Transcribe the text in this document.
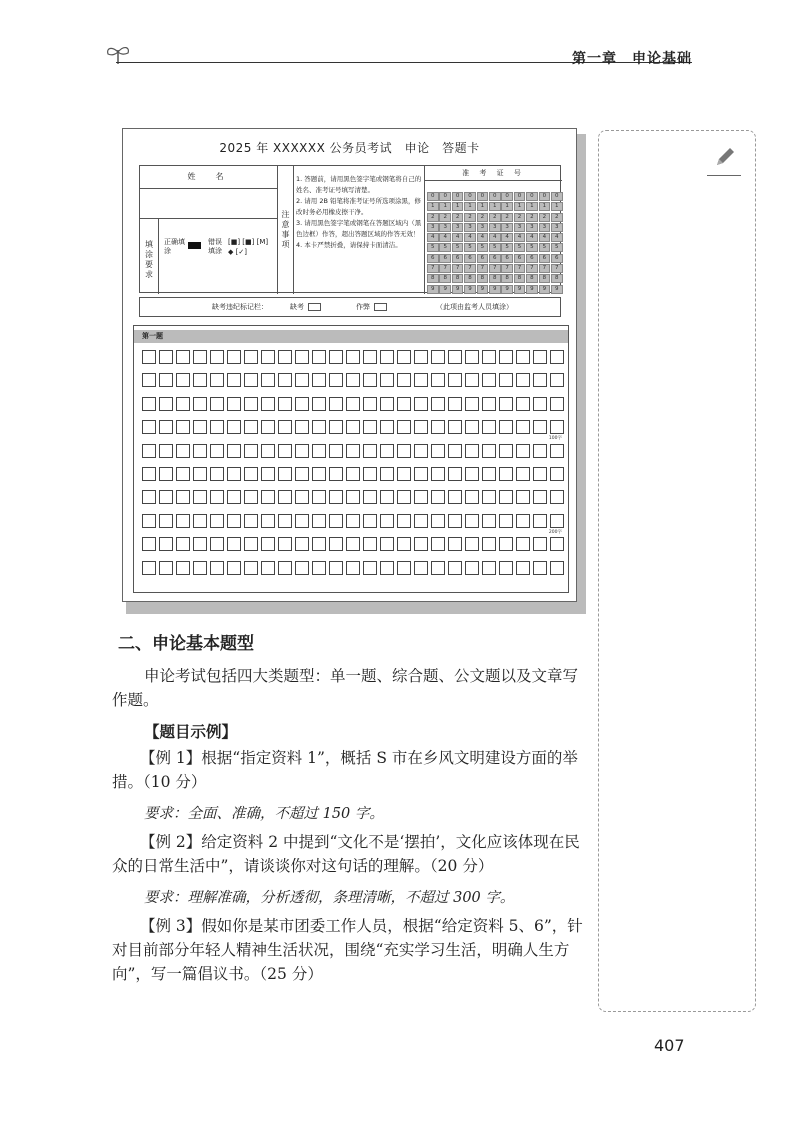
第一章　申论基础
2025 年 XXXXXX 公务员考试　申论　答题卡
姓　名
填涂要求
正确填涂
错误填涂
[■] [■] [M] ◆ [✓]
注意事项
1. 答题前，请用黑色签字笔或钢笔将自己的姓名、准考证号填写清楚。
2. 请用 2B 铅笔将准考证号所选项涂黑，修改时务必用橡皮擦干净。
3. 请用黑色签字笔或钢笔在答题区域内（黑色边框）作答，超出答题区域的作答无效！
4. 本卡严禁折叠，请保持卡面清洁。
准 考 证 号
0	0	0	0	0	0	0	0	0	0	0
1	1	1	1	1	1	1	1	1	1	1
2	2	2	2	2	2	2	2	2	2	2
3	3	3	3	3	3	3	3	3	3	3
4	4	4	4	4	4	4	4	4	4	4
5	5	5	5	5	5	5	5	5	5	5
6	6	6	6	6	6	6	6	6	6	6
7	7	7	7	7	7	7	7	7	7	7
8	8	8	8	8	8	8	8	8	8	8
9	9	9	9	9	9	9	9	9	9	9
缺考违纪标记栏：	缺考	作弊	（此项由监考人员填涂）
第一题
100字
200字
二、申论基本题型
申论考试包括四大类题型：单一题、综合题、公文题以及文章写作题。
【题目示例】
【例 1】根据“指定资料 1”，概括 S 市在乡风文明建设方面的举措。（10 分）
要求：全面、准确，不超过 150 字。
【例 2】给定资料 2 中提到“文化不是‘摆拍’，文化应该体现在民众的日常生活中”，请谈谈你对这句话的理解。（20 分）
要求：理解准确，分析透彻，条理清晰，不超过 300 字。
【例 3】假如你是某市团委工作人员，根据“给定资料 5、6”，针对目前部分年轻人精神生活状况，围绕“充实学习生活，明确人生方向”，写一篇倡议书。（25 分）
407
